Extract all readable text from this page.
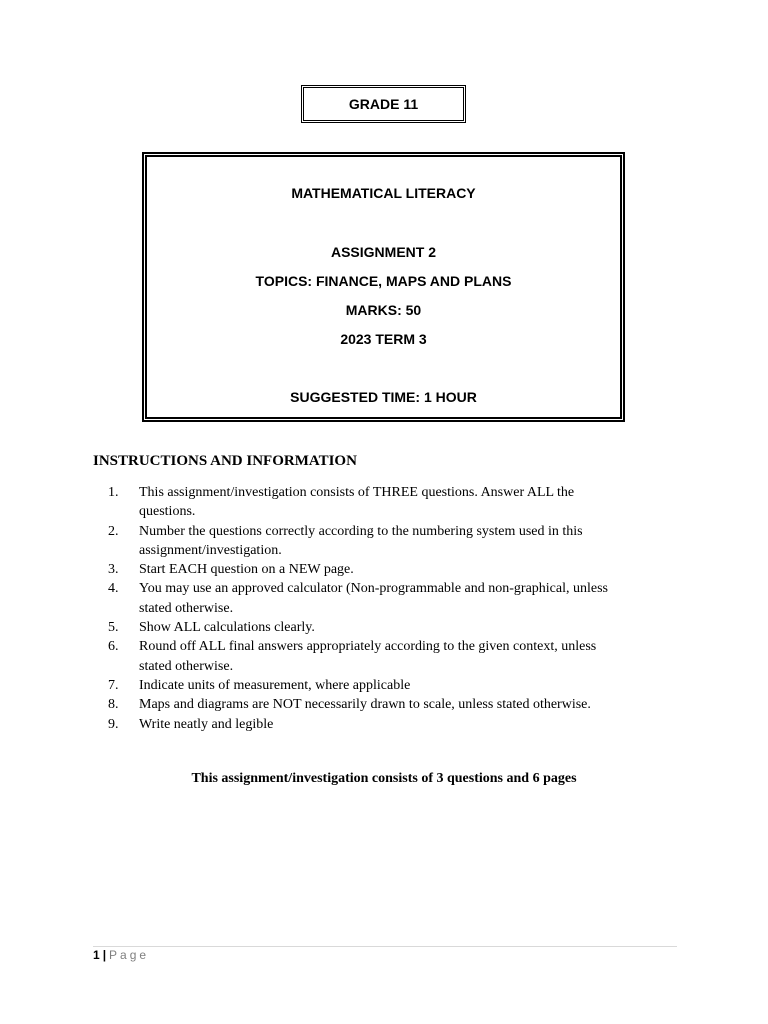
GRADE 11
MATHEMATICAL LITERACY
ASSIGNMENT 2
TOPICS: FINANCE, MAPS AND PLANS
MARKS: 50
2023 TERM 3
SUGGESTED TIME: 1 HOUR
INSTRUCTIONS AND INFORMATION
1.	This assignment/investigation consists of THREE questions. Answer ALL the
questions.
2.	Number the questions correctly according to the numbering system used in this
assignment/investigation.
3.	Start EACH question on a NEW page.
4.	You may use an approved calculator (Non-programmable and non-graphical, unless
stated otherwise.
5.	Show ALL calculations clearly.
6.	Round off ALL final answers appropriately according to the given context, unless
stated otherwise.
7.	Indicate units of measurement, where applicable
8.	Maps and diagrams are NOT necessarily drawn to scale, unless stated otherwise.
9.	Write neatly and legible
This assignment/investigation consists of 3 questions and 6 pages
1 | Page
